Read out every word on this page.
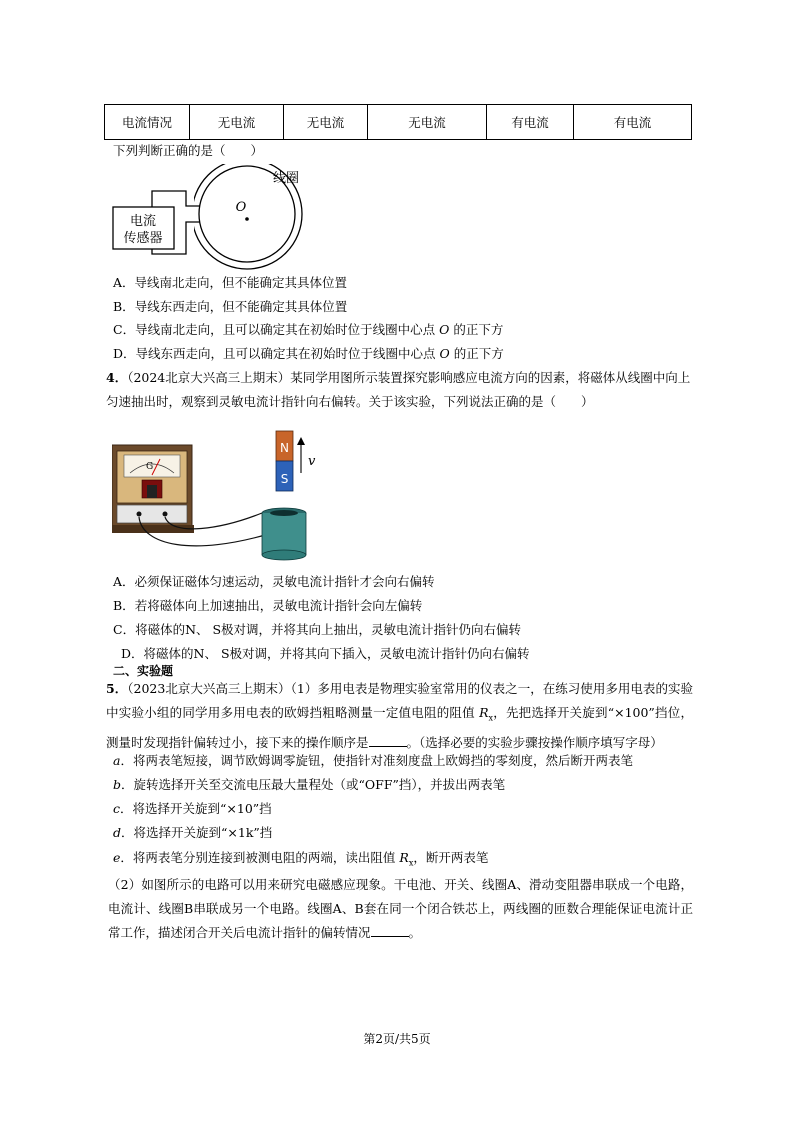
电流情况	无电流	无电流	无电流	有电流	有电流
下列判断正确的是（　　）
电流
传感器
O
线圈
A．导线南北走向，但不能确定其具体位置
B．导线东西走向，但不能确定其具体位置
C．导线南北走向，且可以确定其在初始时位于线圈中心点 O 的正下方
D．导线东西走向，且可以确定其在初始时位于线圈中心点 O 的正下方
4．（2024北京大兴高三上期末）某同学用图所示装置探究影响感应电流方向的因素，将磁体从线圈中向上
匀速抽出时，观察到灵敏电流计指针向右偏转。关于该实验，下列说法正确的是（　　）
G
N
S
v
A．必须保证磁体匀速运动，灵敏电流计指针才会向右偏转
B．若将磁体向上加速抽出，灵敏电流计指针会向左偏转
C．将磁体的N、 S极对调，并将其向上抽出，灵敏电流计指针仍向右偏转
D．将磁体的N、 S极对调，并将其向下插入，灵敏电流计指针仍向右偏转
二、实验题
5．（2023北京大兴高三上期末）（1）多用电表是物理实验室常用的仪表之一，在练习使用多用电表的实验中实验小组的同学用多用电表的欧姆挡粗略测量一定值电阻的阻值 $R_x$，先把选择开关旋到“×100”挡位，测量时发现指针偏转过小，接下来的操作顺序是	。（选择必要的实验步骤按操作顺序填写字母）
a．将两表笔短接，调节欧姆调零旋钮，使指针对准刻度盘上欧姆挡的零刻度，然后断开两表笔
b．旋转选择开关至交流电压最大量程处（或“OFF”挡），并拔出两表笔
c．将选择开关旋到“×10”挡
d．将选择开关旋到“×1k”挡
e．将两表笔分别连接到被测电阻的两端，读出阻值 $R_x$，断开两表笔
（2）如图所示的电路可以用来研究电磁感应现象。干电池、开关、线圈A、滑动变阻器串联成一个电路，电流计、线圈B串联成另一个电路。线圈A、B套在同一个闭合铁芯上，两线圈的匝数合理能保证电流计正常工作，描述闭合开关后电流计指针的偏转情况	。
第2页/共5页
